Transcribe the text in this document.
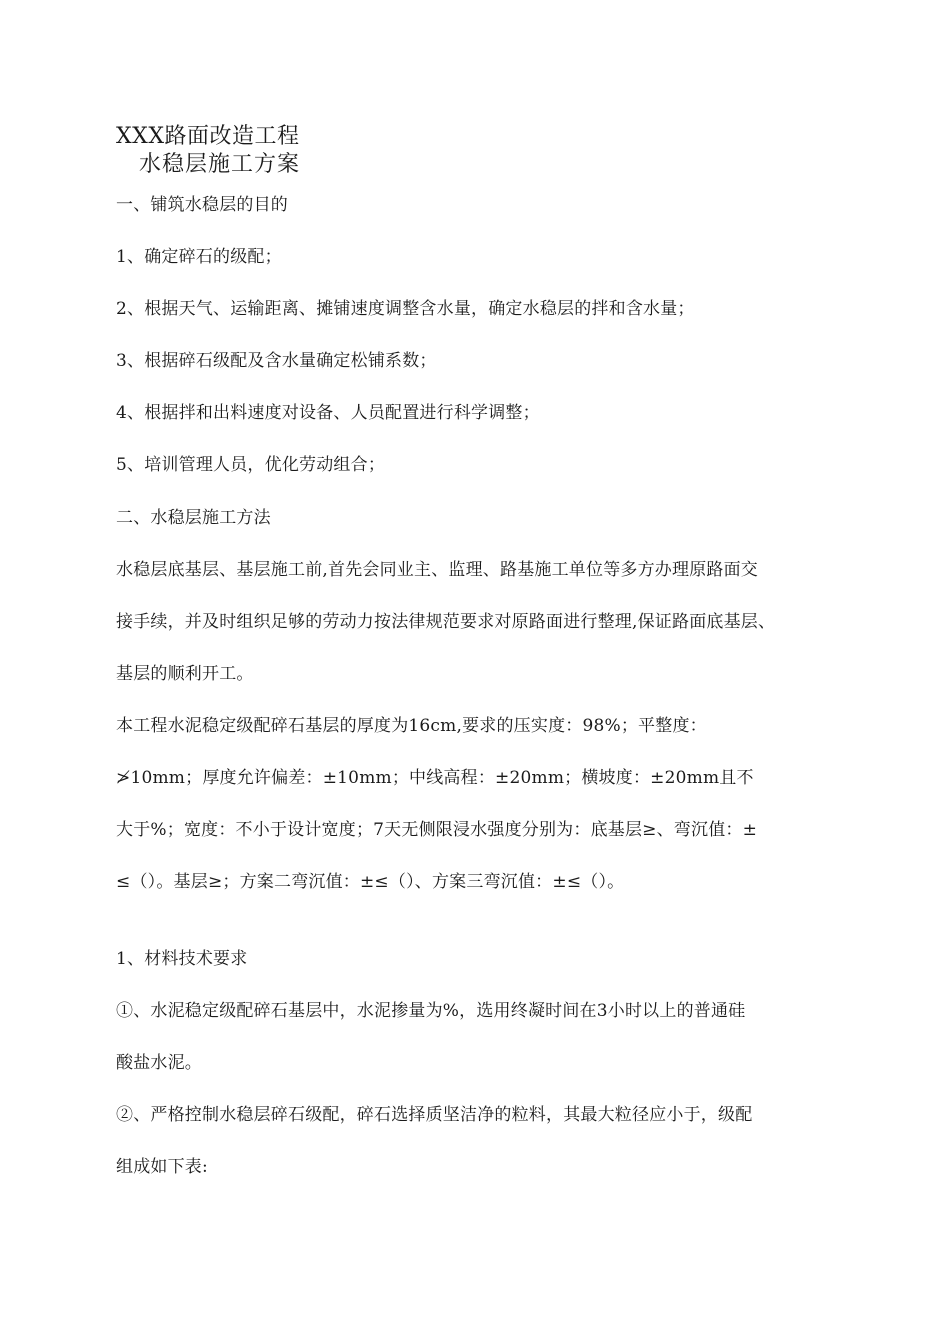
XXX路面改造工程
水稳层施工方案
一、铺筑水稳层的目的
1、确定碎石的级配；
2、根据天气、运输距离、摊铺速度调整含水量，确定水稳层的拌和含水量；
3、根据碎石级配及含水量确定松铺系数；
4、根据拌和出料速度对设备、人员配置进行科学调整；
5、培训管理人员，优化劳动组合；
二、水稳层施工方法
水稳层底基层、基层施工前,首先会同业主、监理、路基施工单位等多方办理原路面交
接手续，并及时组织足够的劳动力按法律规范要求对原路面进行整理,保证路面底基层、
基层的顺利开工。
本工程水泥稳定级配碎石基层的厚度为16cm,要求的压实度：98%；平整度：
≯10mm；厚度允许偏差：±10mm；中线高程：±20mm；横坡度：±20mm且不
大于%；宽度：不小于设计宽度；7天无侧限浸水强度分别为：底基层≥、弯沉值：±
≤（）。基层≥；方案二弯沉值：±≤（）、方案三弯沉值：±≤（）。
1、材料技术要求
①、水泥稳定级配碎石基层中，水泥掺量为%，选用终凝时间在3小时以上的普通硅
酸盐水泥。
②、严格控制水稳层碎石级配，碎石选择质坚洁净的粒料，其最大粒径应小于，级配
组成如下表:
